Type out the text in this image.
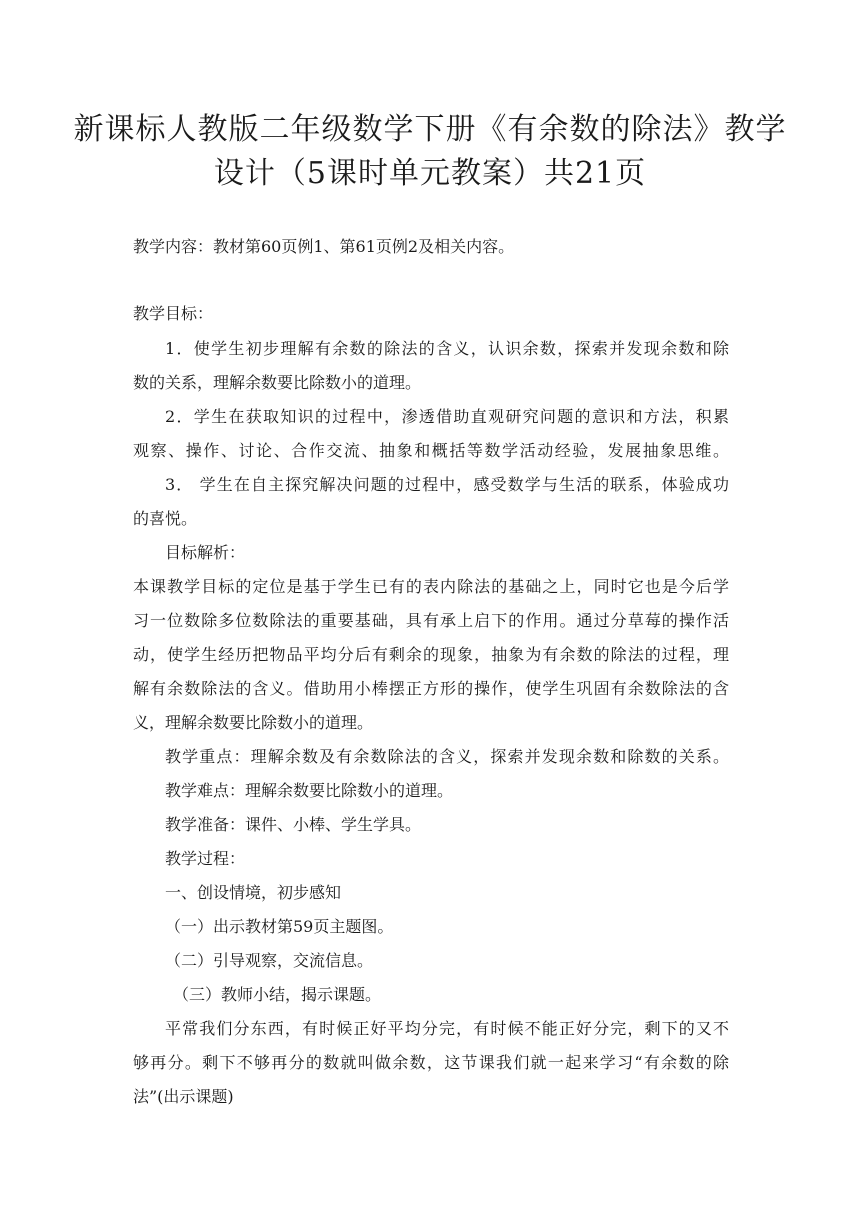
新课标人教版二年级数学下册《有余数的除法》教学
设计（5课时单元教案）共21页
教学内容：教材第60页例1、第61页例2及相关内容。
教学目标：
1．使学生初步理解有余数的除法的含义，认识余数，探索并发现余数和除
数的关系，理解余数要比除数小的道理。
2．学生在获取知识的过程中，渗透借助直观研究问题的意识和方法，积累
观察、操作、讨论、合作交流、抽象和概括等数学活动经验，发展抽象思维。
3． 学生在自主探究解决问题的过程中，感受数学与生活的联系，体验成功
的喜悦。
目标解析：
本课教学目标的定位是基于学生已有的表内除法的基础之上，同时它也是今后学
习一位数除多位数除法的重要基础，具有承上启下的作用。通过分草莓的操作活
动，使学生经历把物品平均分后有剩余的现象，抽象为有余数的除法的过程，理
解有余数除法的含义。借助用小棒摆正方形的操作，使学生巩固有余数除法的含
义，理解余数要比除数小的道理。
教学重点：理解余数及有余数除法的含义，探索并发现余数和除数的关系。
教学难点：理解余数要比除数小的道理。
教学准备：课件、小棒、学生学具。
教学过程：
一、创设情境，初步感知
（一）出示教材第59页主题图。
（二）引导观察，交流信息。
（三）教师小结，揭示课题。
平常我们分东西，有时候正好平均分完，有时候不能正好分完，剩下的又不
够再分。剩下不够再分的数就叫做余数，这节课我们就一起来学习“有余数的除
法”(出示课题)
